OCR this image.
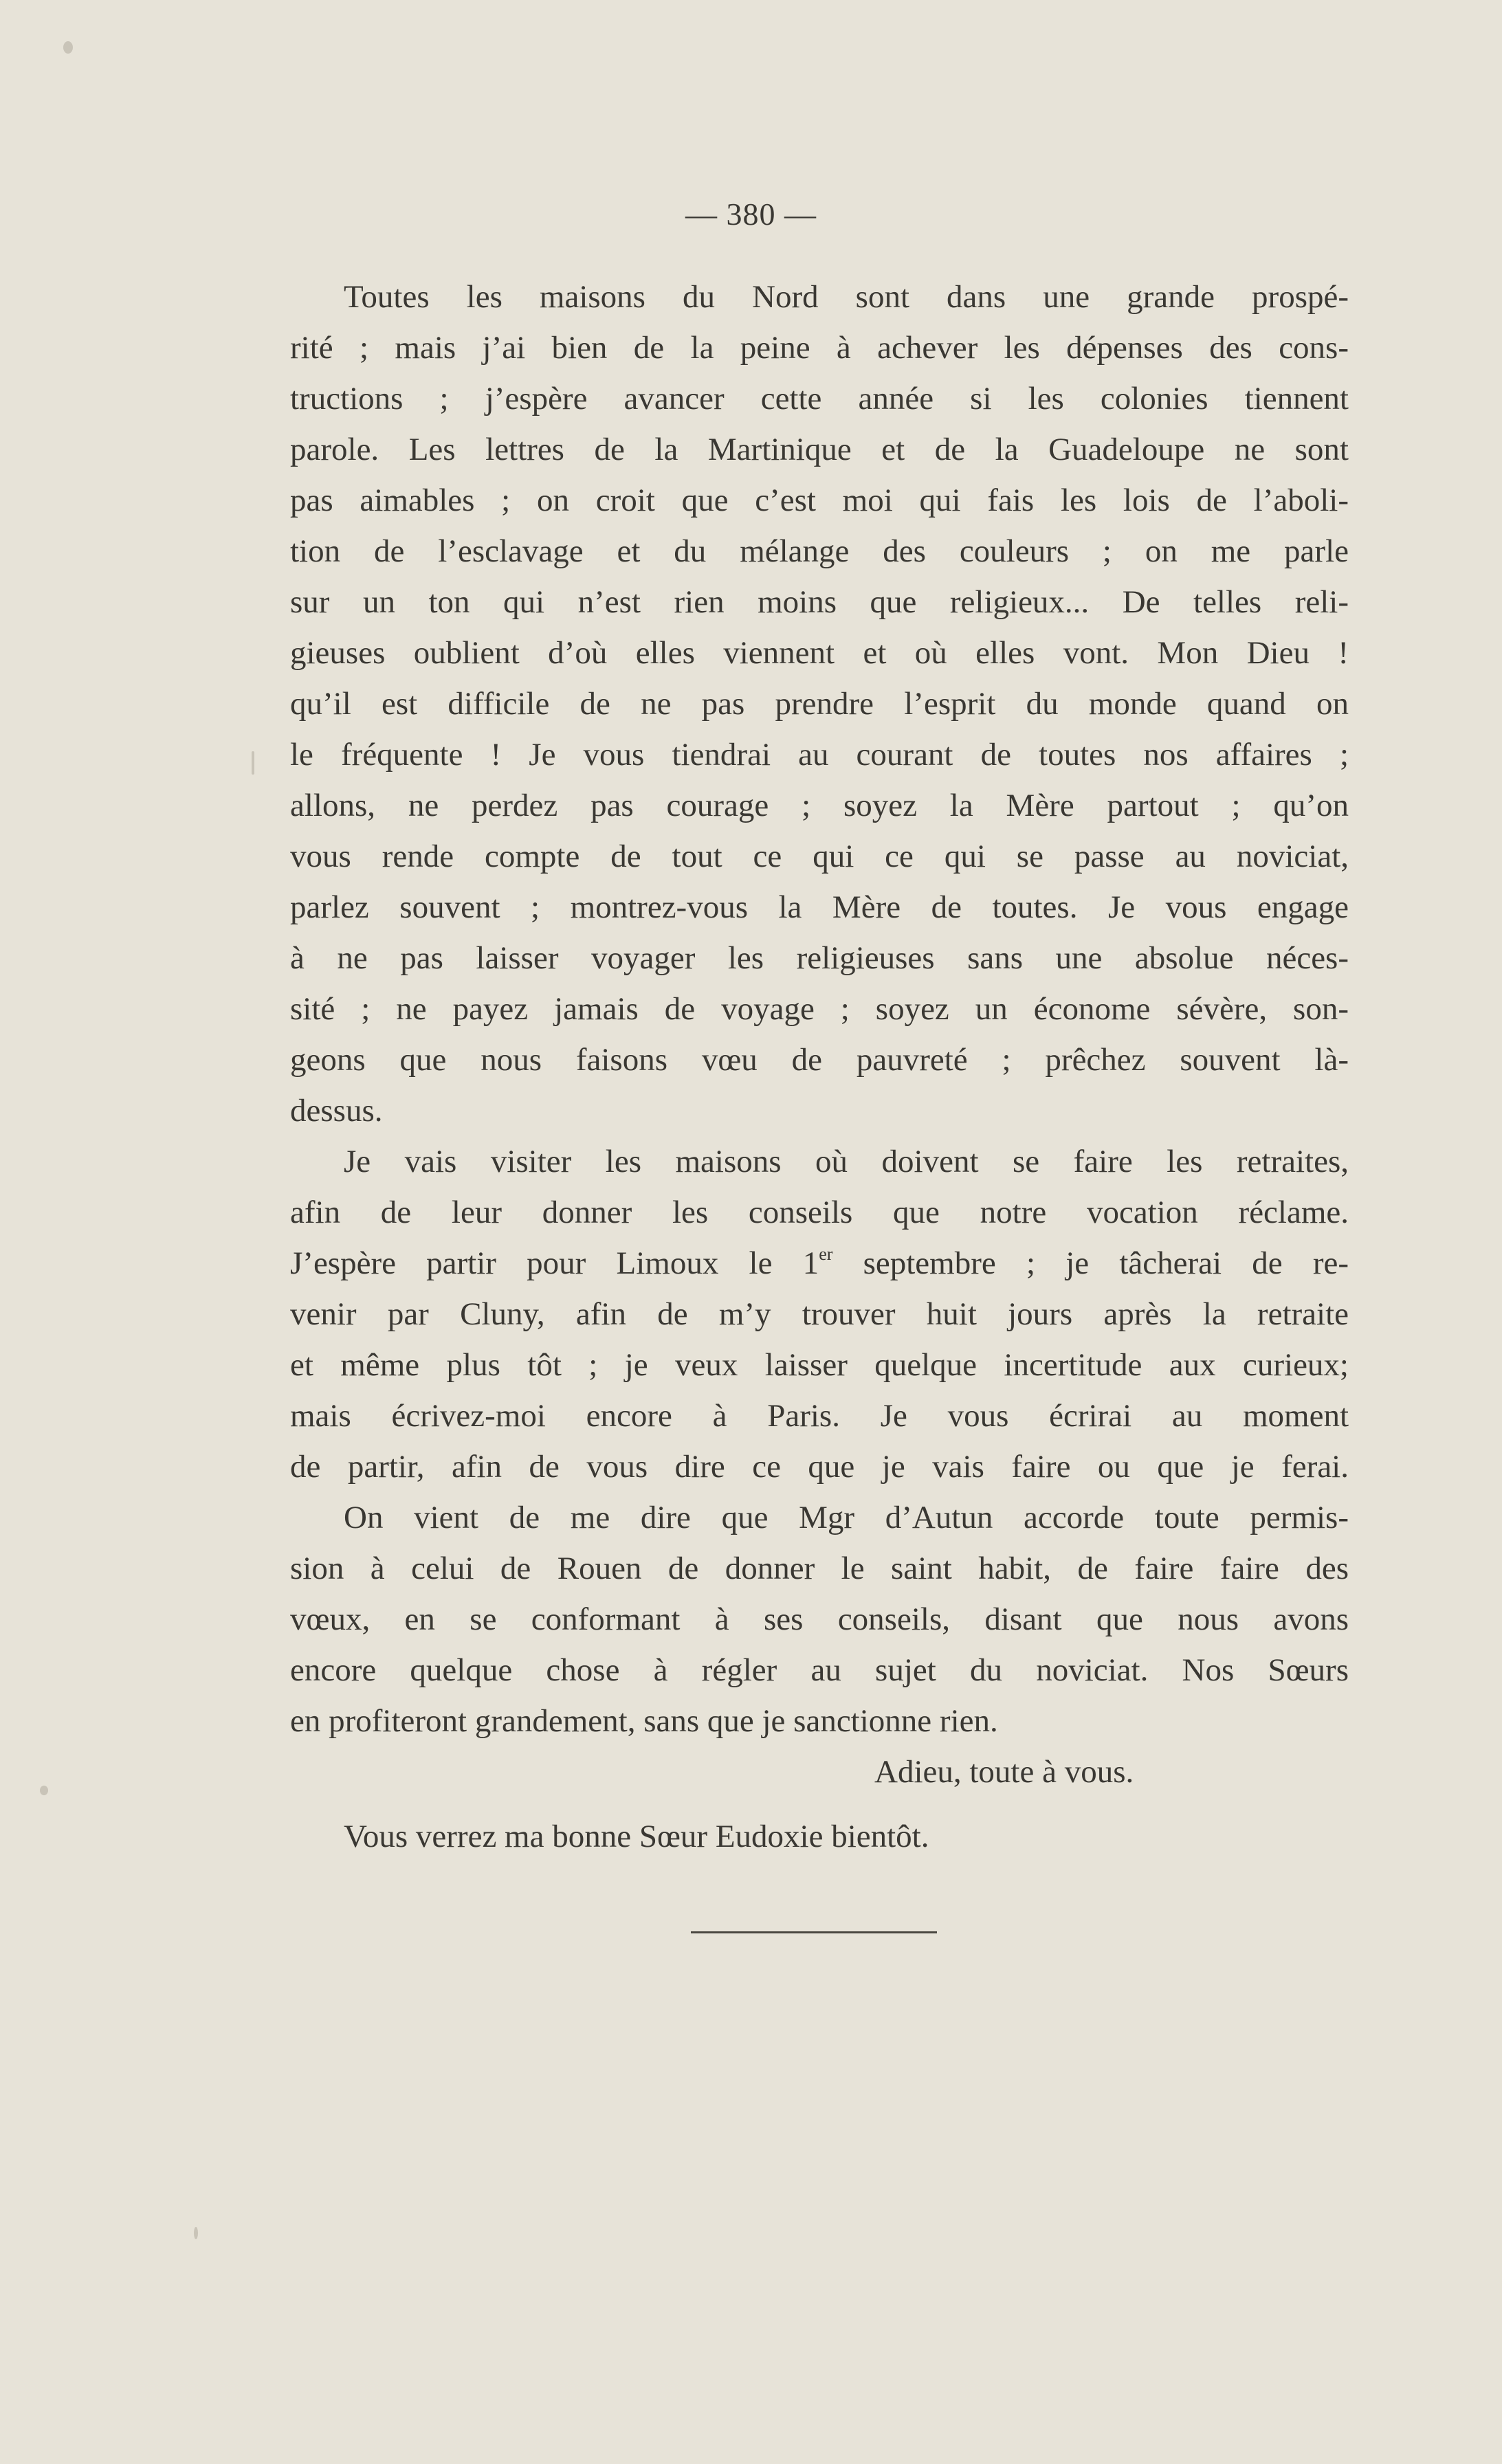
— 380 —
Toutes les maisons du Nord sont dans une grande prospé-
rité ; mais j’ai bien de la peine à achever les dépenses des cons-
tructions ; j’espère avancer cette année si les colonies tiennent
parole. Les lettres de la Martinique et de la Guadeloupe ne sont
pas aimables ; on croit que c’est moi qui fais les lois de l’aboli-
tion de l’esclavage et du mélange des couleurs ; on me parle
sur un ton qui n’est rien moins que religieux... De telles reli-
gieuses oublient d’où elles viennent et où elles vont. Mon Dieu !
qu’il est difficile de ne pas prendre l’esprit du monde quand on
le fréquente ! Je vous tiendrai au courant de toutes nos affaires ;
allons, ne perdez pas courage ; soyez la Mère partout ; qu’on
vous rende compte de tout ce qui ce qui se passe au noviciat,
parlez souvent ; montrez-vous la Mère de toutes. Je vous engage
à ne pas laisser voyager les religieuses sans une absolue néces-
sité ; ne payez jamais de voyage ; soyez un économe sévère, son-
geons que nous faisons vœu de pauvreté ; prêchez souvent là-
dessus.
Je vais visiter les maisons où doivent se faire les retraites,
afin de leur donner les conseils que notre vocation réclame.
J’espère partir pour Limoux le 1er septembre ; je tâcherai de re-
venir par Cluny, afin de m’y trouver huit jours après la retraite
et même plus tôt ; je veux laisser quelque incertitude aux curieux;
mais écrivez-moi encore à Paris. Je vous écrirai au moment
de partir, afin de vous dire ce que je vais faire ou que je ferai.
On vient de me dire que Mgr d’Autun accorde toute permis-
sion à celui de Rouen de donner le saint habit, de faire faire des
vœux, en se conformant à ses conseils, disant que nous avons
encore quelque chose à régler au sujet du noviciat. Nos Sœurs
en profiteront grandement, sans que je sanctionne rien.
Adieu, toute à vous.
Vous verrez ma bonne Sœur Eudoxie bientôt.
